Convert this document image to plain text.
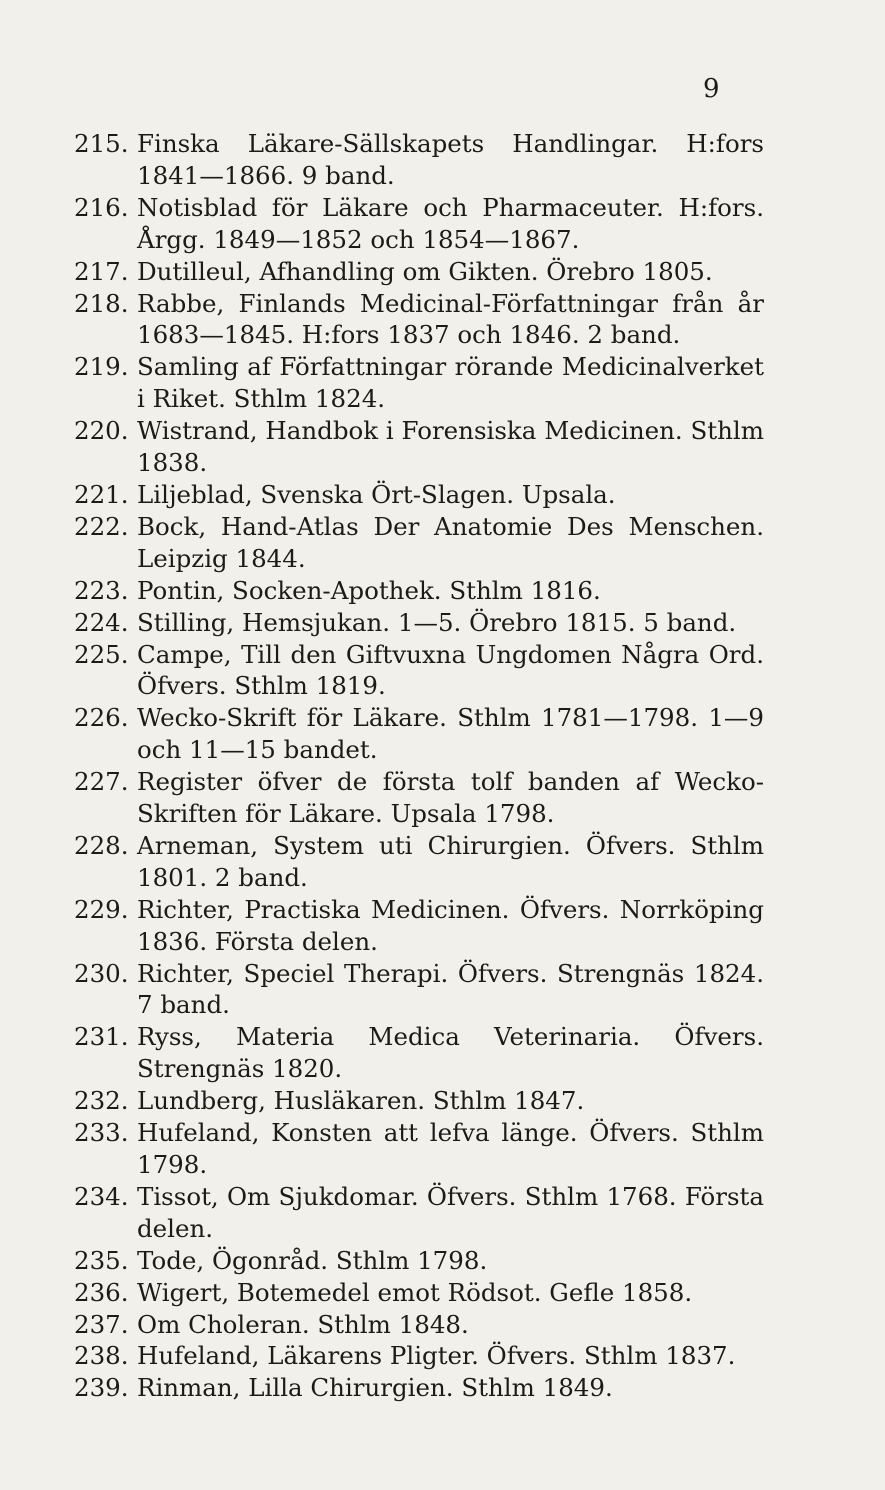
9
215. Finska Läkare-Sällskapets Handlingar. H:fors 1841—1866. 9 band.
216. Notisblad för Läkare och Pharmaceuter. H:fors. Årgg. 1849—1852 och 1854—1867.
217. Dutilleul, Afhandling om Gikten. Örebro 1805.
218. Rabbe, Finlands Medicinal-Författningar från år 1683—1845. H:fors 1837 och 1846. 2 band.
219. Samling af Författningar rörande Medicinalverket i Riket. Sthlm 1824.
220. Wistrand, Handbok i Forensiska Medicinen. Sthlm 1838.
221. Liljeblad, Svenska Ört-Slagen. Upsala.
222. Bock, Hand-Atlas Der Anatomie Des Menschen. Leipzig 1844.
223. Pontin, Socken-Apothek. Sthlm 1816.
224. Stilling, Hemsjukan. 1—5. Örebro 1815. 5 band.
225. Campe, Till den Giftvuxna Ungdomen Några Ord. Öfvers. Sthlm 1819.
226. Wecko-Skrift för Läkare. Sthlm 1781—1798. 1—9 och 11—15 bandet.
227. Register öfver de första tolf banden af Wecko-Skriften för Läkare. Upsala 1798.
228. Arneman, System uti Chirurgien. Öfvers. Sthlm 1801. 2 band.
229. Richter, Practiska Medicinen. Öfvers. Norrköping 1836. Första delen.
230. Richter, Speciel Therapi. Öfvers. Strengnäs 1824. 7 band.
231. Ryss, Materia Medica Veterinaria. Öfvers. Strengnäs 1820.
232. Lundberg, Husläkaren. Sthlm 1847.
233. Hufeland, Konsten att lefva länge. Öfvers. Sthlm 1798.
234. Tissot, Om Sjukdomar. Öfvers. Sthlm 1768. Första delen.
235. Tode, Ögonråd. Sthlm 1798.
236. Wigert, Botemedel emot Rödsot. Gefle 1858.
237. Om Choleran. Sthlm 1848.
238. Hufeland, Läkarens Pligter. Öfvers. Sthlm 1837.
239. Rinman, Lilla Chirurgien. Sthlm 1849.
